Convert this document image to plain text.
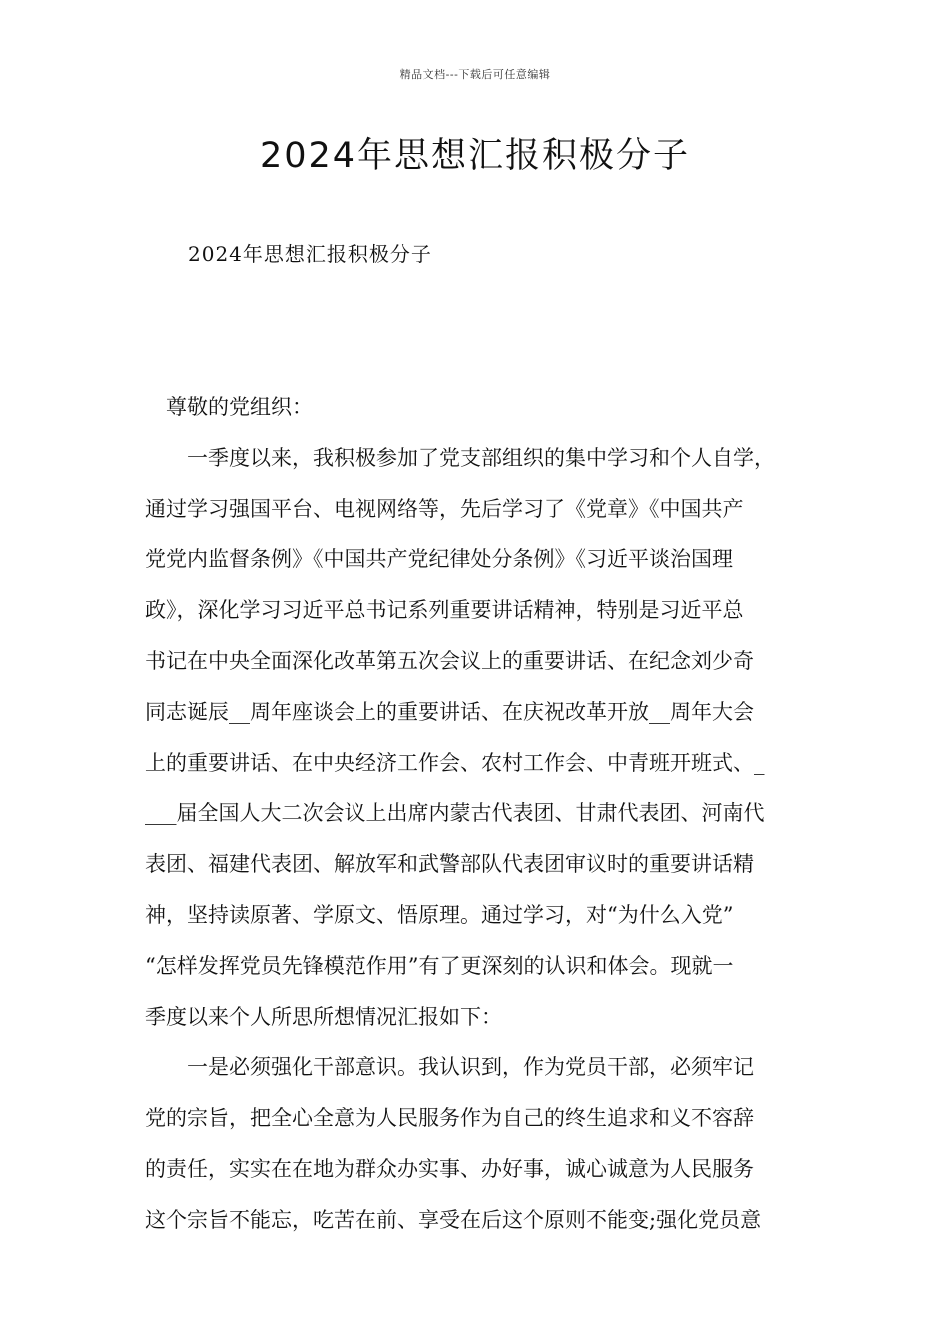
精品文档---下载后可任意编辑
2024年思想汇报积极分子
2024年思想汇报积极分子
　尊敬的党组织：
　　一季度以来，我积极参加了党支部组织的集中学习和个人自学，
通过学习强国平台、电视网络等，先后学习了《党章》《中国共产
党党内监督条例》《中国共产党纪律处分条例》《习近平谈治国理
政》，深化学习习近平总书记系列重要讲话精神，特别是习近平总
书记在中央全面深化改革第五次会议上的重要讲话、在纪念刘少奇
同志诞辰__周年座谈会上的重要讲话、在庆祝改革开放__周年大会
上的重要讲话、在中央经济工作会、农村工作会、中青班开班式、_
___届全国人大二次会议上出席内蒙古代表团、甘肃代表团、河南代
表团、福建代表团、解放军和武警部队代表团审议时的重要讲话精
神，坚持读原著、学原文、悟原理。通过学习，对“为什么入党”
“怎样发挥党员先锋模范作用”有了更深刻的认识和体会。现就一
季度以来个人所思所想情况汇报如下：
　　一是必须强化干部意识。我认识到，作为党员干部，必须牢记
党的宗旨，把全心全意为人民服务作为自己的终生追求和义不容辞
的责任，实实在在地为群众办实事、办好事，诚心诚意为人民服务
这个宗旨不能忘，吃苦在前、享受在后这个原则不能变;强化党员意
